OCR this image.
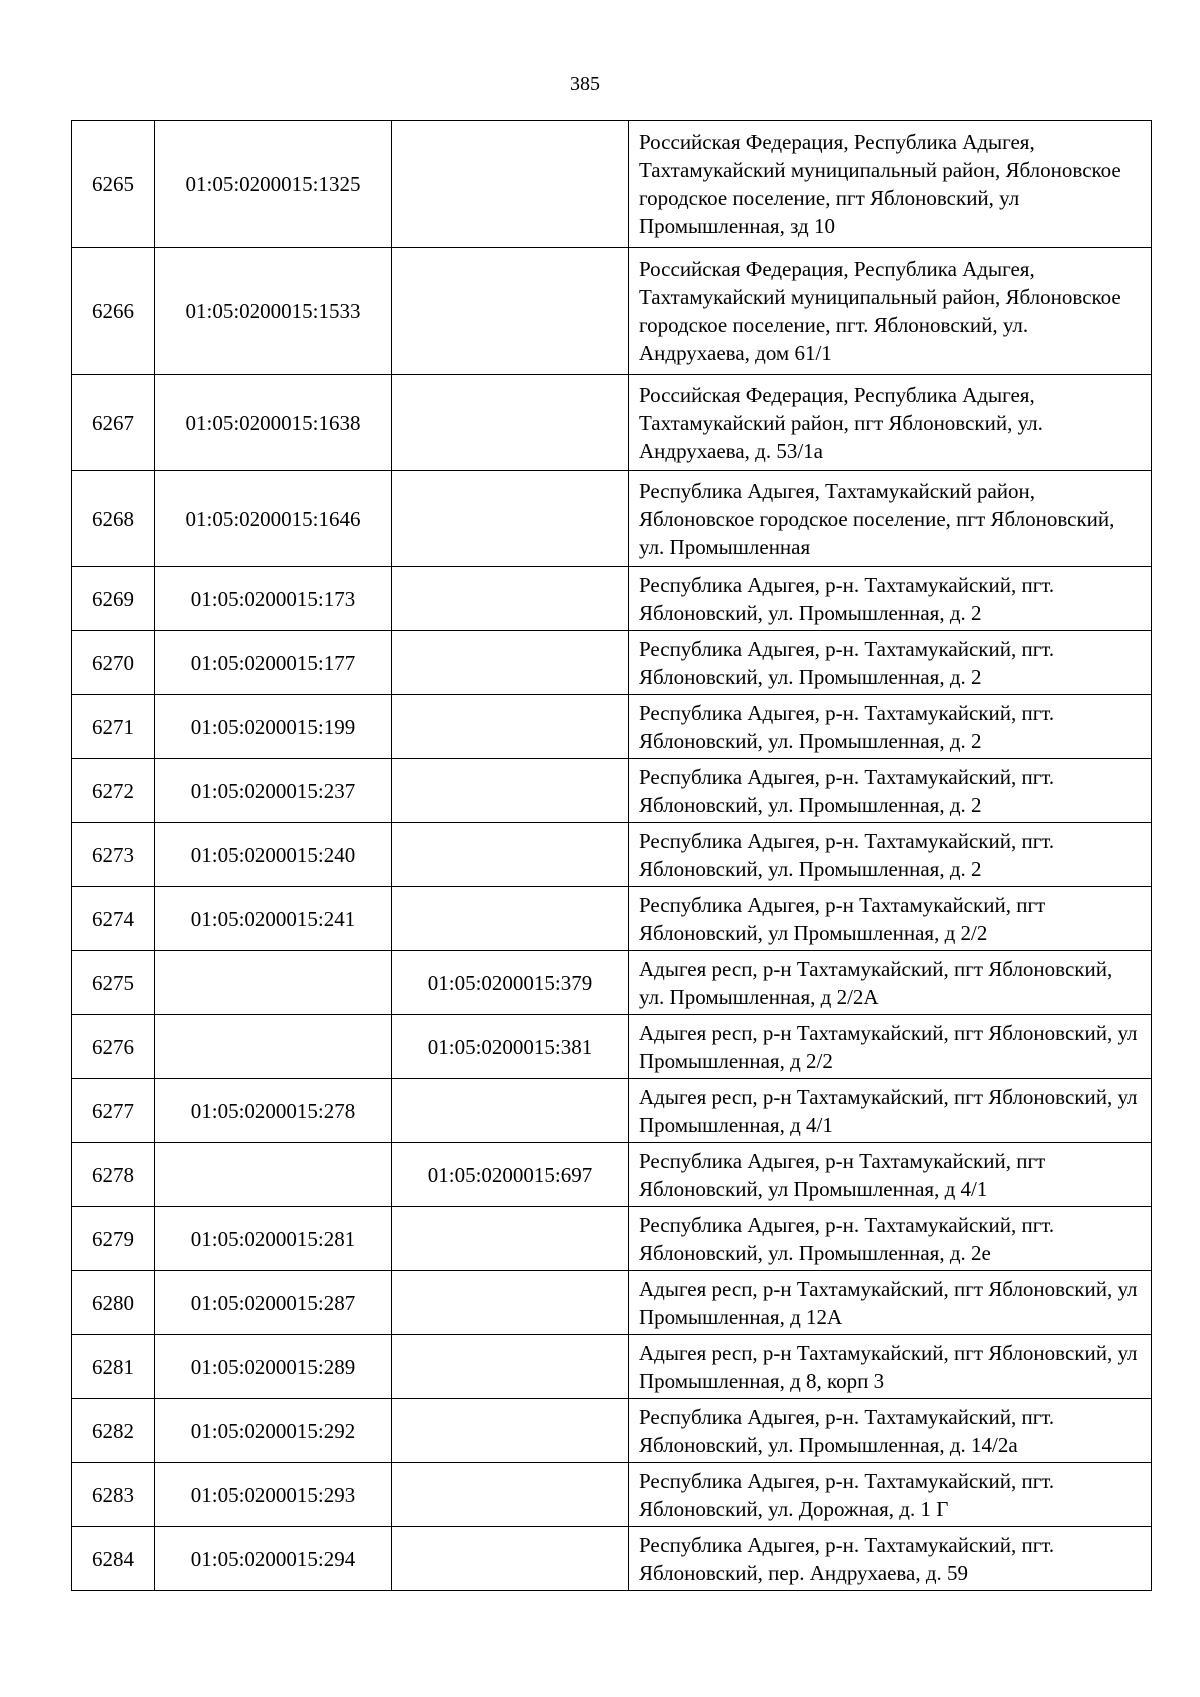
385
6265	01:05:0200015:1325		Российская Федерация, Республика Адыгея, Тахтамукайский муниципальный район, Яблоновское городское поселение, пгт Яблоновский, ул Промышленная, зд 10
6266	01:05:0200015:1533		Российская Федерация, Республика Адыгея, Тахтамукайский муниципальный район, Яблоновское городское поселение, пгт. Яблоновский, ул. Андрухаева, дом 61/1
6267	01:05:0200015:1638		Российская Федерация, Республика Адыгея, Тахтамукайский район, пгт Яблоновский, ул. Андрухаева, д. 53/1а
6268	01:05:0200015:1646		Республика Адыгея, Тахтамукайский район, Яблоновское городское поселение, пгт Яблоновский, ул. Промышленная
6269	01:05:0200015:173		Республика Адыгея, р-н. Тахтамукайский, пгт. Яблоновский, ул. Промышленная, д. 2
6270	01:05:0200015:177		Республика Адыгея, р-н. Тахтамукайский, пгт. Яблоновский, ул. Промышленная, д. 2
6271	01:05:0200015:199		Республика Адыгея, р-н. Тахтамукайский, пгт. Яблоновский, ул. Промышленная, д. 2
6272	01:05:0200015:237		Республика Адыгея, р-н. Тахтамукайский, пгт. Яблоновский, ул. Промышленная, д. 2
6273	01:05:0200015:240		Республика Адыгея, р-н. Тахтамукайский, пгт. Яблоновский, ул. Промышленная, д. 2
6274	01:05:0200015:241		Республика Адыгея, р-н Тахтамукайский, пгт Яблоновский, ул Промышленная, д 2/2
6275		01:05:0200015:379	Адыгея респ, р-н Тахтамукайский, пгт Яблоновский, ул. Промышленная, д 2/2А
6276		01:05:0200015:381	Адыгея респ, р-н Тахтамукайский, пгт Яблоновский, ул Промышленная, д 2/2
6277	01:05:0200015:278		Адыгея респ, р-н Тахтамукайский, пгт Яблоновский, ул Промышленная, д 4/1
6278		01:05:0200015:697	Республика Адыгея, р-н Тахтамукайский, пгт Яблоновский, ул Промышленная, д 4/1
6279	01:05:0200015:281		Республика Адыгея, р-н. Тахтамукайский, пгт. Яблоновский, ул. Промышленная, д. 2е
6280	01:05:0200015:287		Адыгея респ, р-н Тахтамукайский, пгт Яблоновский, ул Промышленная, д 12А
6281	01:05:0200015:289		Адыгея респ, р-н Тахтамукайский, пгт Яблоновский, ул Промышленная, д 8, корп 3
6282	01:05:0200015:292		Республика Адыгея, р-н. Тахтамукайский, пгт. Яблоновский, ул. Промышленная, д. 14/2а
6283	01:05:0200015:293		Республика Адыгея, р-н. Тахтамукайский, пгт. Яблоновский, ул. Дорожная, д. 1 Г
6284	01:05:0200015:294		Республика Адыгея, р-н. Тахтамукайский, пгт. Яблоновский, пер. Андрухаева, д. 59
